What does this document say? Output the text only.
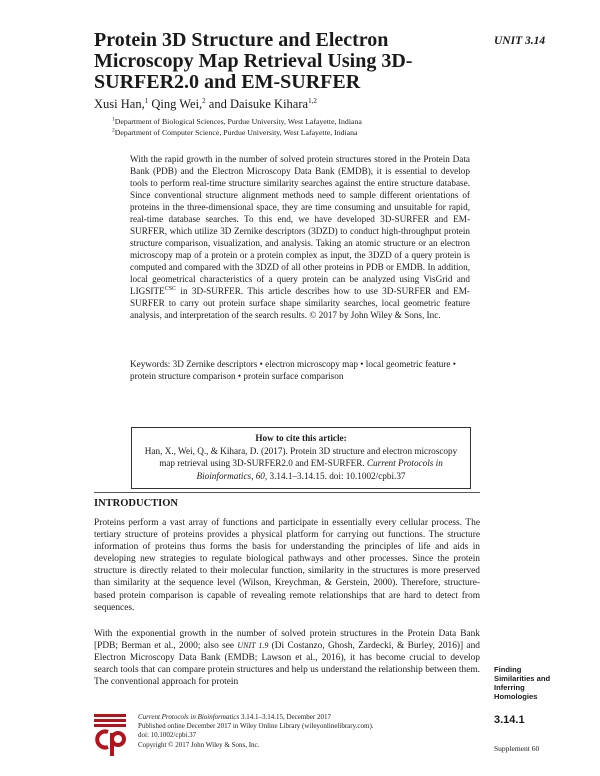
Protein 3D Structure and Electron Microscopy Map Retrieval Using 3D-SURFER2.0 and EM-SURFER
UNIT 3.14
Xusi Han,$^1$ Qing Wei,$^2$ and Daisuke Kihara$^{1,2}$
$^1$Department of Biological Sciences, Purdue University, West Lafayette, Indiana
$^2$Department of Computer Science, Purdue University, West Lafayette, Indiana

With the rapid growth in the number of solved protein structures stored in the Protein Data Bank (PDB) and the Electron Microscopy Data Bank (EMDB), it is essential to develop tools to perform real-time structure similarity searches against the entire structure database. Since conventional structure alignment methods need to sample different orientations of proteins in the three-dimensional space, they are time consuming and unsuitable for rapid, real-time database searches. To this end, we have developed 3D-SURFER and EM-SURFER, which utilize 3D Zernike descriptors (3DZD) to conduct high-throughput protein structure comparison, visualization, and analysis. Taking an atomic structure or an electron microscopy map of a protein or a protein complex as input, the 3DZD of a query protein is computed and compared with the 3DZD of all other proteins in PDB or EMDB. In addition, local geometrical characteristics of a query protein can be analyzed using VisGrid and $LIGSITE^{CSC}$ in 3D-SURFER. This article describes how to use 3D-SURFER and EM-SURFER to carry out protein surface shape similarity searches, local geometric feature analysis, and interpretation of the search results. © 2017 by John Wiley & Sons, Inc.

Keywords: 3D Zernike descriptors • electron microscopy map • local geometric feature • protein structure comparison • protein surface comparison

How to cite this article:
Han, X., Wei, Q., & Kihara, D. (2017). Protein 3D structure and electron microscopy map retrieval using 3D-SURFER2.0 and EM-SURFER. Current Protocols in Bioinformatics, 60, 3.14.1–3.14.15. doi: 10.1002/cpbi.37
INTRODUCTION

Proteins perform a vast array of functions and participate in essentially every cellular process. The tertiary structure of proteins provides a physical platform for carrying out functions. The structure information of proteins thus forms the basis for understanding the principles of life and aids in developing new strategies to regulate biological pathways and other processes. Since the protein structure is directly related to their molecular function, similarity in the structures is more preserved than similarity at the sequence level (Wilson, Kreychman, & Gerstein, 2000). Therefore, structure-based protein comparison is capable of revealing remote relationships that are hard to detect from sequences.

With the exponential growth in the number of solved protein structures in the Protein Data Bank [PDB; Berman et al., 2000; also see UNIT 1.9 (Di Costanzo, Ghosh, Zardecki, & Burley, 2016)] and Electron Microscopy Data Bank (EMDB; Lawson et al., 2016), it has become crucial to develop search tools that can compare protein structures and help us understand the relationship between them. The conventional approach for protein

Finding Similarities and Inferring Homologies
3.14.1
Supplement 60
Current Protocols in Bioinformatics 3.14.1–3.14.15, December 2017
Published online December 2017 in Wiley Online Library (wileyonlinelibrary.com).
doi: 10.1002/cpbi.37
Copyright © 2017 John Wiley & Sons, Inc.
